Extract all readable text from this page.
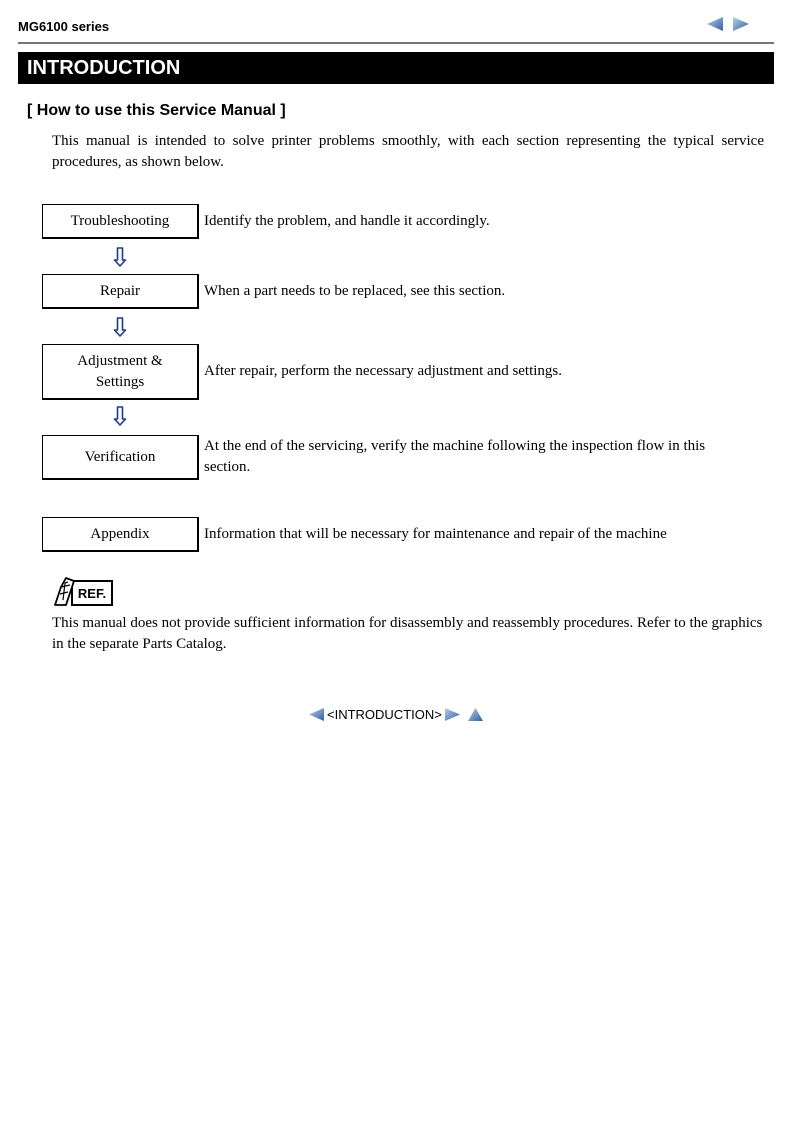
MG6100 series
INTRODUCTION
[ How to use this Service Manual ]
This manual is intended to solve printer problems smoothly, with each section representing the typical service procedures, as shown below.
Troubleshooting Identify the problem, and handle it accordingly.
Repair	When a part needs to be replaced, see this section.
Adjustment &
Settings
After repair, perform the necessary adjustment and settings.
Verification
At the end of the servicing, verify the machine following the inspection flow in this section.
Appendix	Information that will be necessary for maintenance and repair of the machine
REF.
This manual does not provide sufficient information for disassembly and reassembly procedures. Refer to the graphics in the separate Parts Catalog.
<INTRODUCTION>
